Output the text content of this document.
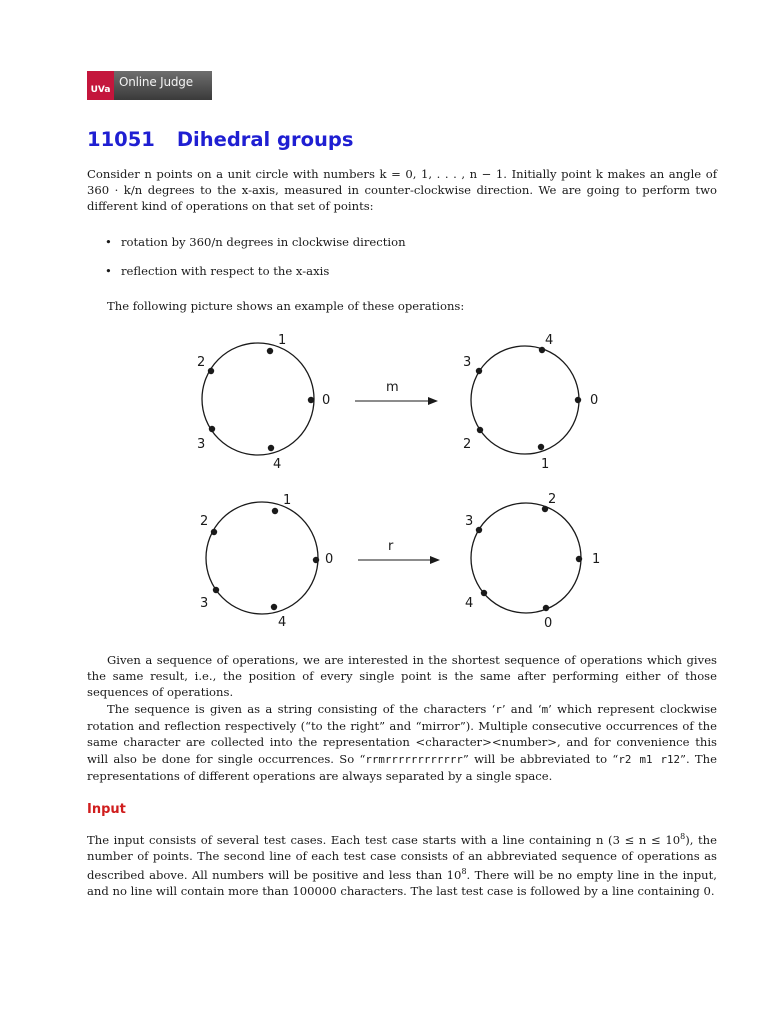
UVa
Online Judge
11051 Dihedral groups

Consider n points on a unit circle with numbers k = 0, 1, . . . , n − 1. Initially point k makes an angle of 360 · k/n degrees to the x-axis, measured in counter-clockwise direction. We are going to perform two different kind of operations on that set of points:

• rotation by 360/n degrees in clockwise direction
• reflection with respect to the x-axis

The following picture shows an example of these operations:

0
1
2
3
4
m
0
4
3
2
1
0
1
2
3
4
r
1
2
3
4
0

Given a sequence of operations, we are interested in the shortest sequence of operations which gives the same result, i.e., the position of every single point is the same after performing either of those sequences of operations.

The sequence is given as a string consisting of the characters ‘r’ and ‘m’ which represent clockwise rotation and reflection respectively (“to the right” and “mirror”). Multiple consecutive occurrences of the same character are collected into the representation <character><number>, and for convenience this will also be done for single occurrences. So “rrmrrrrrrrrrrrr” will be abbreviated to “r2 m1 r12”. The representations of different operations are always separated by a single space.

Input

The input consists of several test cases. Each test case starts with a line containing n $(3 \le n \le 10^8)$, the number of points. The second line of each test case consists of an abbreviated sequence of operations as described above. All numbers will be positive and less than $10^8$. There will be no empty line in the input, and no line will contain more than 100000 characters. The last test case is followed by a line containing 0.
